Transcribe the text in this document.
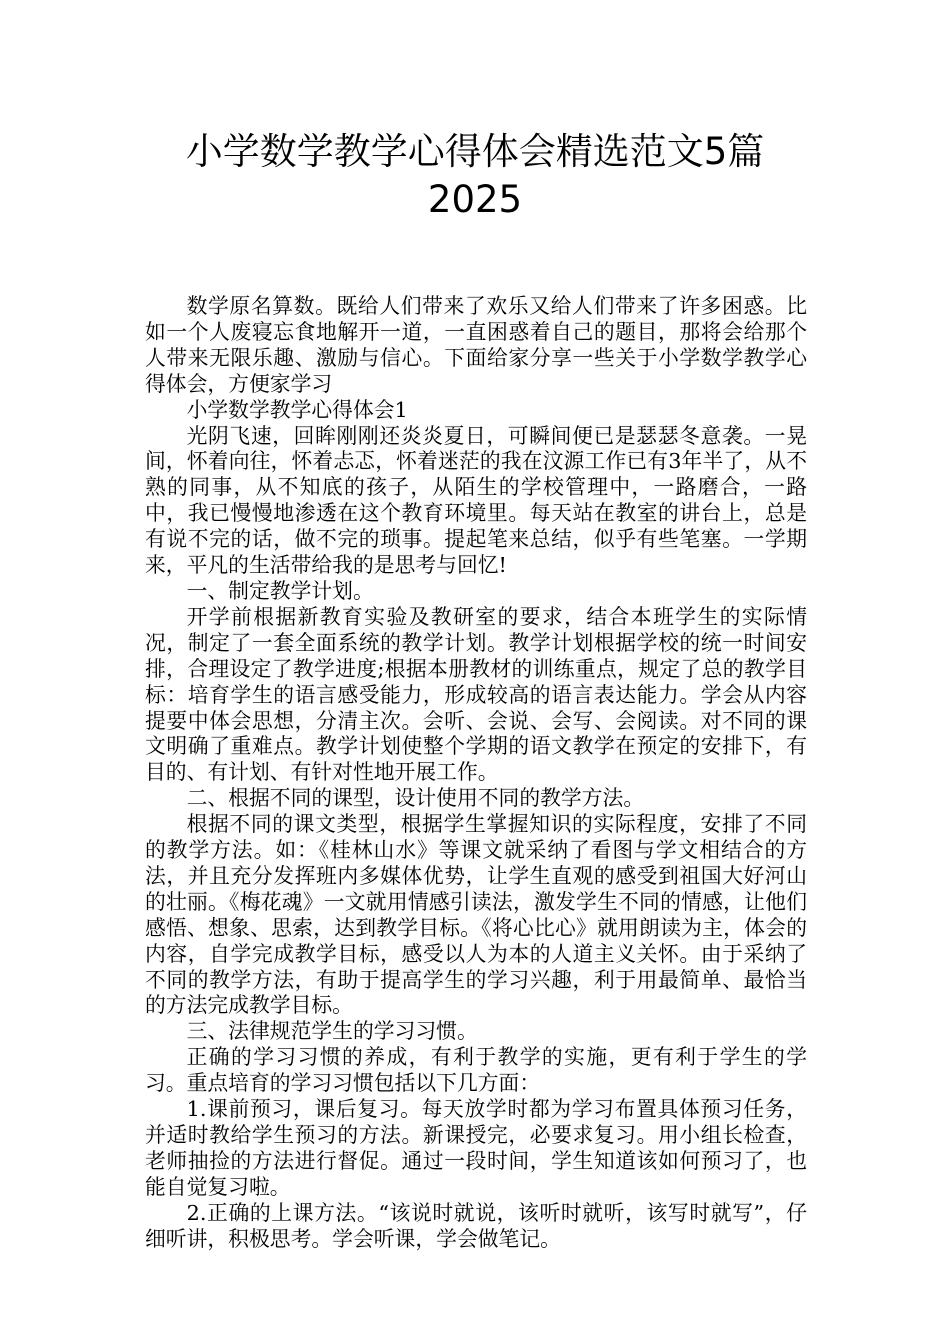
小学数学教学心得体会精选范文5篇
2025

数学原名算数。既给人们带来了欢乐又给人们带来了许多困惑。比如一个人废寝忘食地解开一道，一直困惑着自己的题目，那将会给那个人带来无限乐趣、激励与信心。下面给家分享一些关于小学数学教学心得体会，方便家学习

小学数学教学心得体会1

光阴飞速，回眸刚刚还炎炎夏日，可瞬间便已是瑟瑟冬意袭。一晃间，怀着向往，怀着忐忑，怀着迷茫的我在汶源工作已有3年半了，从不熟的同事，从不知底的孩子，从陌生的学校管理中，一路磨合，一路中，我已慢慢地渗透在这个教育环境里。每天站在教室的讲台上，总是有说不完的话，做不完的琐事。提起笔来总结，似乎有些笔塞。一学期来，平凡的生活带给我的是思考与回忆!

一、制定教学计划。

开学前根据新教育实验及教研室的要求，结合本班学生的实际情况，制定了一套全面系统的教学计划。教学计划根据学校的统一时间安排，合理设定了教学进度;根据本册教材的训练重点，规定了总的教学目标：培育学生的语言感受能力，形成较高的语言表达能力。学会从内容提要中体会思想，分清主次。会听、会说、会写、会阅读。对不同的课文明确了重难点。教学计划使整个学期的语文教学在预定的安排下，有目的、有计划、有针对性地开展工作。

二、根据不同的课型，设计使用不同的教学方法。

根据不同的课文类型，根据学生掌握知识的实际程度，安排了不同的教学方法。如：《桂林山水》等课文就采纳了看图与学文相结合的方法，并且充分发挥班内多媒体优势，让学生直观的感受到祖国大好河山的壮丽。《梅花魂》一文就用情感引读法，激发学生不同的情感，让他们感悟、想象、思索，达到教学目标。《将心比心》就用朗读为主，体会的内容，自学完成教学目标，感受以人为本的人道主义关怀。由于采纳了不同的教学方法，有助于提高学生的学习兴趣，利于用最简单、最恰当的方法完成教学目标。

三、法律规范学生的学习习惯。

正确的学习习惯的养成，有利于教学的实施，更有利于学生的学习。重点培育的学习习惯包括以下几方面：

1.课前预习，课后复习。每天放学时都为学习布置具体预习任务，并适时教给学生预习的方法。新课授完，必要求复习。用小组长检查，老师抽捡的方法进行督促。通过一段时间，学生知道该如何预习了，也能自觉复习啦。

2.正确的上课方法。“该说时就说，该听时就听，该写时就写”，仔细听讲，积极思考。学会听课，学会做笔记。
